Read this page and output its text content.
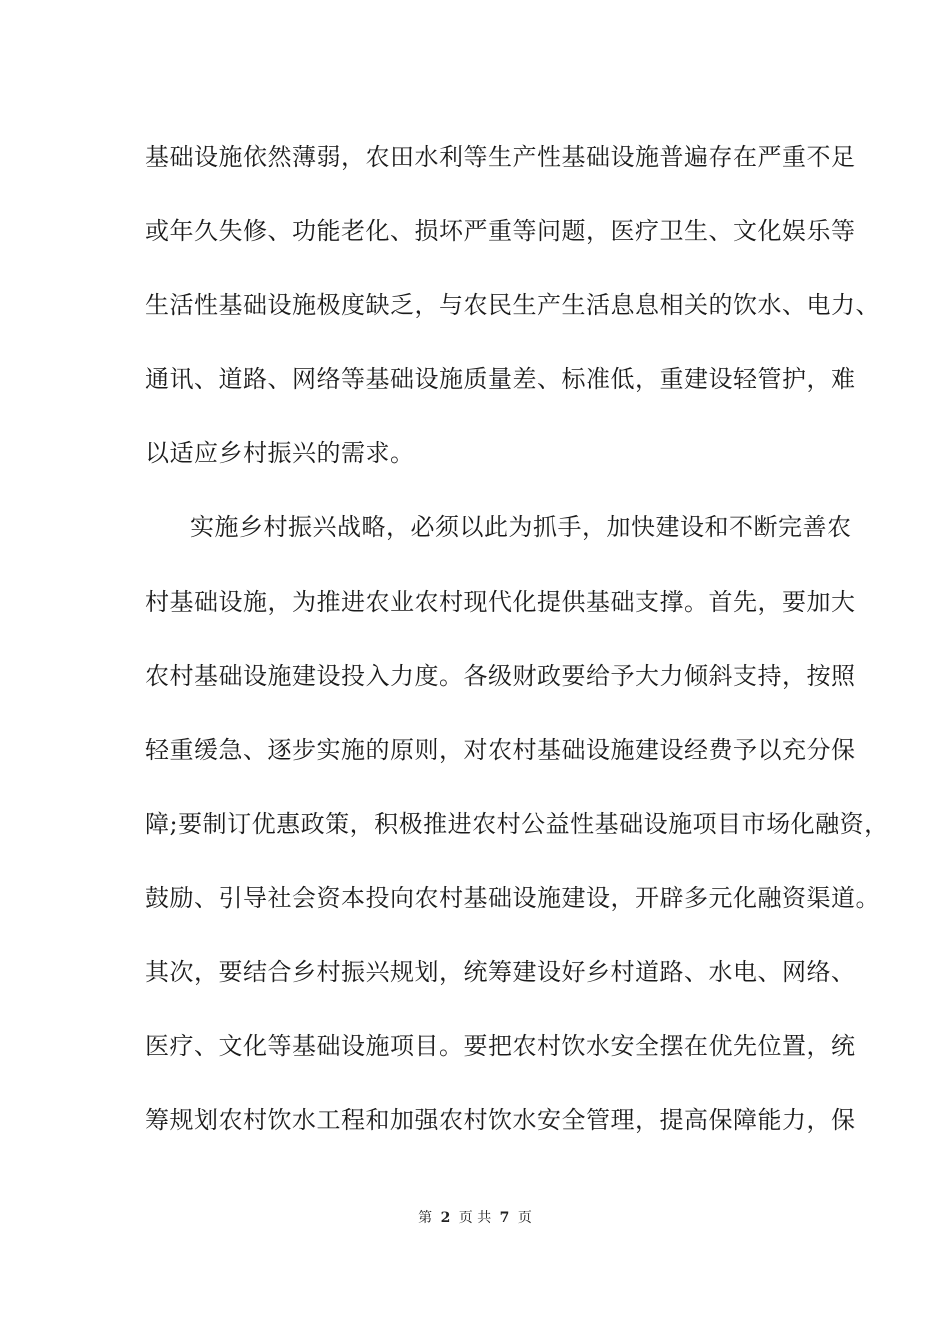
基础设施依然薄弱，农田水利等生产性基础设施普遍存在严重不足
或年久失修、功能老化、损坏严重等问题，医疗卫生、文化娱乐等
生活性基础设施极度缺乏，与农民生产生活息息相关的饮水、电力、
通讯、道路、网络等基础设施质量差、标准低，重建设轻管护，难
以适应乡村振兴的需求。
实施乡村振兴战略，必须以此为抓手，加快建设和不断完善农
村基础设施，为推进农业农村现代化提供基础支撑。首先，要加大
农村基础设施建设投入力度。各级财政要给予大力倾斜支持，按照
轻重缓急、逐步实施的原则，对农村基础设施建设经费予以充分保
障;要制订优惠政策，积极推进农村公益性基础设施项目市场化融资，
鼓励、引导社会资本投向农村基础设施建设，开辟多元化融资渠道。
其次，要结合乡村振兴规划，统筹建设好乡村道路、水电、网络、
医疗、文化等基础设施项目。要把农村饮水安全摆在优先位置，统
筹规划农村饮水工程和加强农村饮水安全管理，提高保障能力，保
第 2 页 共 7 页
